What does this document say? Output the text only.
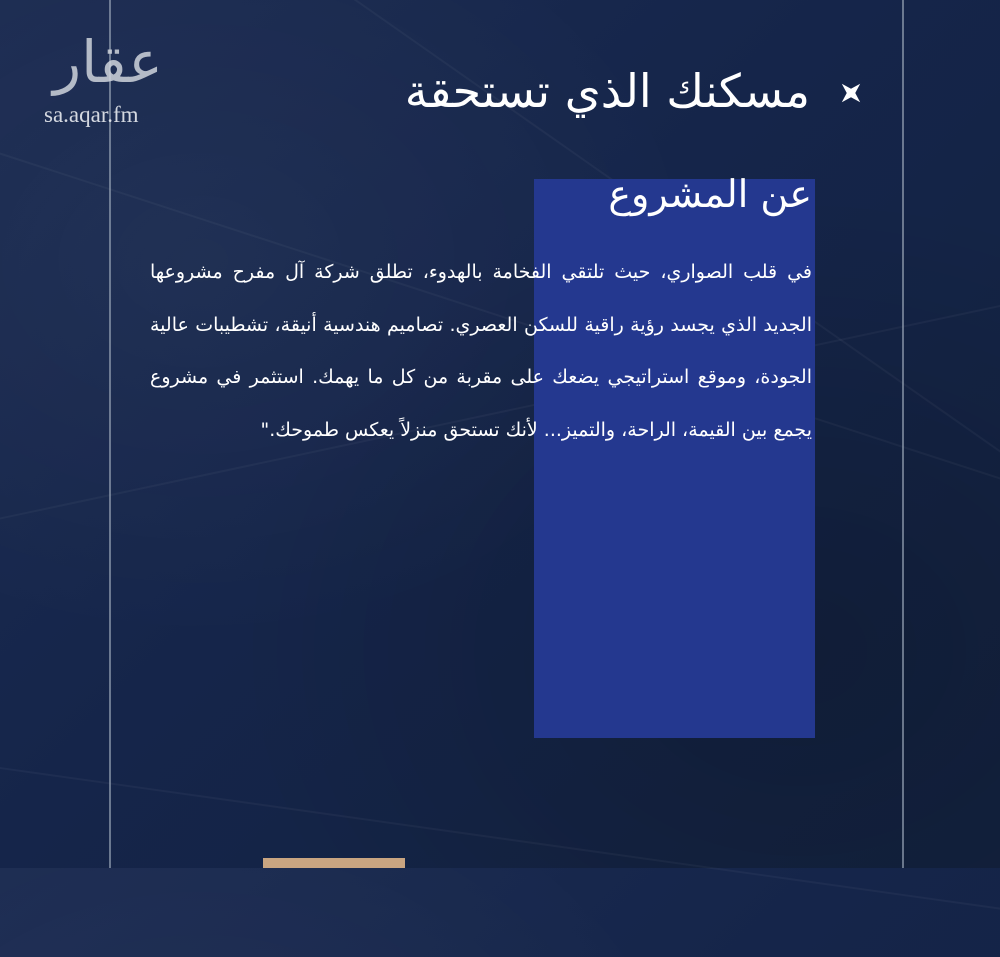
عقار
sa.aqar.fm	مسكنك الذي تستحقة
عن المشروع
في قلب الصواري، حيث تلتقي الفخامة بالهدوء، تطلق شركة آل مفرح مشروعها الجديد الذي يجسد رؤية راقية للسكن العصري. تصاميم هندسية أنيقة، تشطيبات عالية الجودة، وموقع استراتيجي يضعك على مقربة من كل ما يهمك. استثمر في مشروع يجمع بين القيمة، الراحة، والتميز... لأنك تستحق منزلاً يعكس طموحك."
